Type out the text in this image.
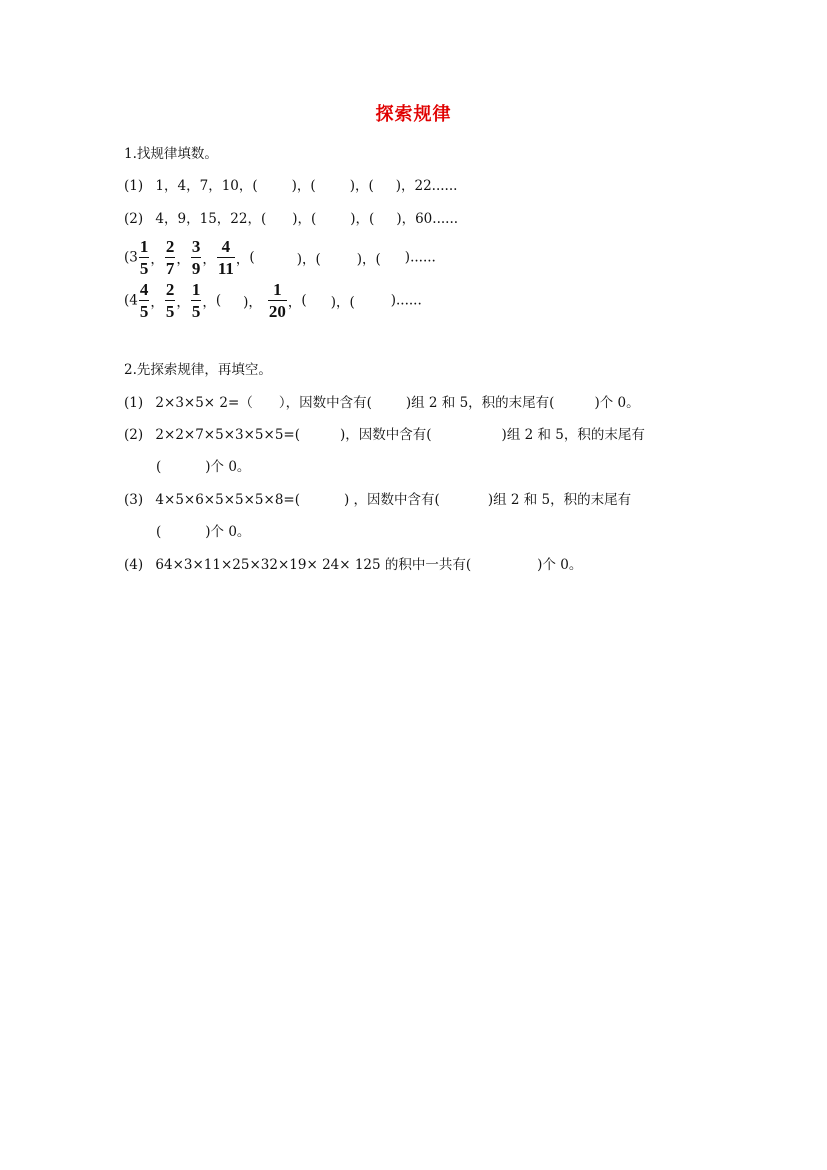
探索规律
1.找规律填数。
(1) 1，4，7，10，(	)，(	)，( )，22......
(2) 4，9，15，22，( )，(	)，( )，60......
($3 \frac{1}{5}$ ， $\frac{2}{7}$ ， $\frac{3}{9}$ ， $\frac{4}{11}$ ，(	)，(	)，( )......
($4 \frac{4}{5}$ ， $\frac{2}{5}$ ， $\frac{1}{5}$ ，( )， $\frac{1}{20}$ ，( )，(	)......
2.先探索规律，再填空。
(1) 2×3×5× 2=（ ），因数中含有(	)组 2 和 5，积的末尾有(	)个 0。
(2) 2×2×7×5×3×5×5=(	)，因数中含有(	)组 2 和 5，积的末尾有
(	)个 0。
(3) 4×5×6×5×5×5×8=(	) ，因数中含有(	)组 2 和 5，积的末尾有
(	)个 0。
(4) 64×3×11×25×32×19× 24× 125 的积中一共有(	)个 0。
